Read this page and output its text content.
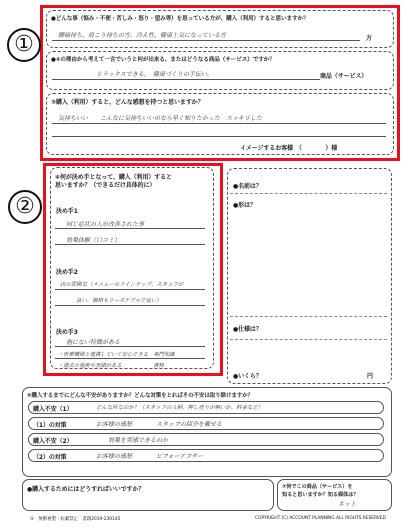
●どんな事（悩み・不便・苦しみ・怒り・望み等）を思っている方が、購入（利用）すると思いますか？
腰痛持ち、肩こり持ちの方。冷え性、健康上気になっている方	方
●②の理由から考えて一言でいうと何が出来る、またはどうなる商品（サービス）ですか？
リラックスできる。　健康づくりの手伝い。	商品（サービス）
③購入（利用）すると、どんな感想を持つと思いますか？
気持ちいい　　こんなに気持ちいいのなら早く知りたかった　スッキリした
イメージするお客様　（　　　　）様
①
④何が決め手となって、購入（利用）すると
思いますか？（できるだけ具体的に）
決め手1
同じ症状の人が改善された事
効果体験（口コミ）
決め手2
店の雰囲気（メニューのラインナップ、スタッフが
良い、価格もリーズナブルで良い）
決め手3
他にない特徴がある
・医療機関と連携していて安心できる　専門知識
・過去の施術や実績がある　　　　　　資格
②
●名前は？
●形は？
●仕様は？
●いくら？	円
⑤購入するまでにどんな不安がありますか？どんな対策をとればその不安は取り除けますか？
購入不安（1）	どんな所なのか？（スタッフの人柄、押し売りが無いか、料金など）
（1）の対策	お客様の感想　　　　スタッフの紹介を載せる
購入不安（2）	　　効果を実感できるのか
（2）の対策	お客様の感想　　　　ビフォーアフター
●購入するためにはどうすればいいですか？	⑦何でこの商品（サービス）を
知ると思いますか？知る媒体は？
ネット
⑤　無断複製・転載禁止　書籍2019-230145	COPYRIGHT (C) ACCOUNT PLANNING ALL RIGHTS RESERVED
